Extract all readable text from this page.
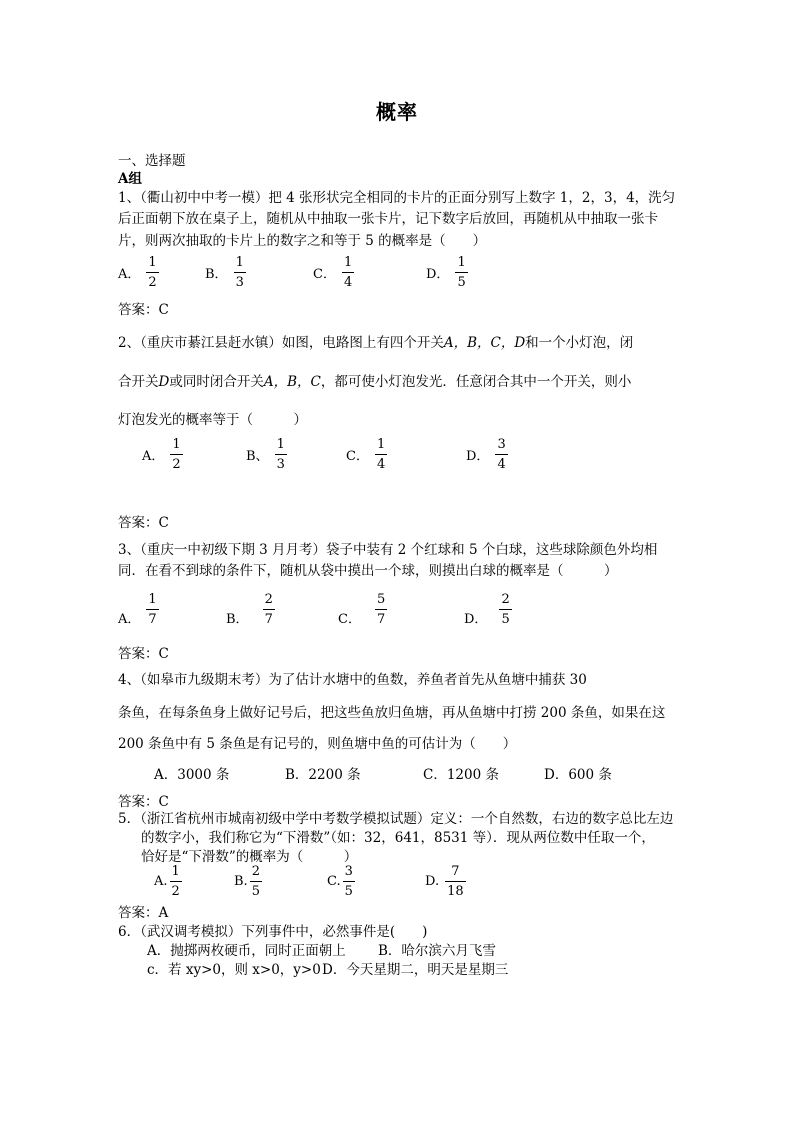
概率
一、选择题
A组
1、（衢山初中中考一模）把 4 张形状完全相同的卡片的正面分别写上数字 1，2，3，4，洗匀
后正面朝下放在桌子上，随机从中抽取一张卡片，记下数字后放回，再随机从中抽取一张卡
片，则两次抽取的卡片上的数字之和等于 5 的概率是（　　）
A． $\frac{1}{2}$	B． $\frac{1}{3}$	C． $\frac{1}{4}$	D． $\frac{1}{5}$
答案：C
2、（重庆市綦江县赶水镇）如图，电路图上有四个开关A，B，C，D和一个小灯泡，闭
合开关D或同时闭合开关A，B，C，都可使小灯泡发光．任意闭合其中一个开关，则小
灯泡发光的概率等于（　　　）
A． $\frac{1}{2}$	B、 $\frac{1}{3}$	C． $\frac{1}{4}$	D． $\frac{3}{4}$
答案：C
3、（重庆一中初级下期 3 月月考）袋子中装有 2 个红球和 5 个白球，这些球除颜色外均相
同．在看不到球的条件下，随机从袋中摸出一个球，则摸出白球的概率是（　　　）
A． $\frac{1}{7}$	B． $\frac{2}{7}$	C． $\frac{5}{7}$	D． $\frac{2}{5}$
答案：C
4、（如皋市九级期末考）为了估计水塘中的鱼数，养鱼者首先从鱼塘中捕获 30
条鱼，在每条鱼身上做好记号后，把这些鱼放归鱼塘，再从鱼塘中打捞 200 条鱼，如果在这
200 条鱼中有 5 条鱼是有记号的，则鱼塘中鱼的可估计为（　　）
A．3000 条	B．2200 条	C．1200 条	D．600 条
答案：C
5．（浙江省杭州市城南初级中学中考数学模拟试题）定义：一个自然数，右边的数字总比左边
的数字小，我们称它为“下滑数”（如：32，641，8531 等）．现从两位数中任取一个，
恰好是“下滑数”的概率为（　　　）
A. $\frac{1}{2}$	B. $\frac{2}{5}$	C. $\frac{3}{5}$	D. $\frac{7}{18}$
答案：A
6．（武汉调考模拟）下列事件中，必然事件是(　　)
A．抛掷两枚硬币，同时正面朝上 B．哈尔滨六月飞雪
c．若 xy>0，则 x>0，y>0 D．今天星期二，明天是星期三
